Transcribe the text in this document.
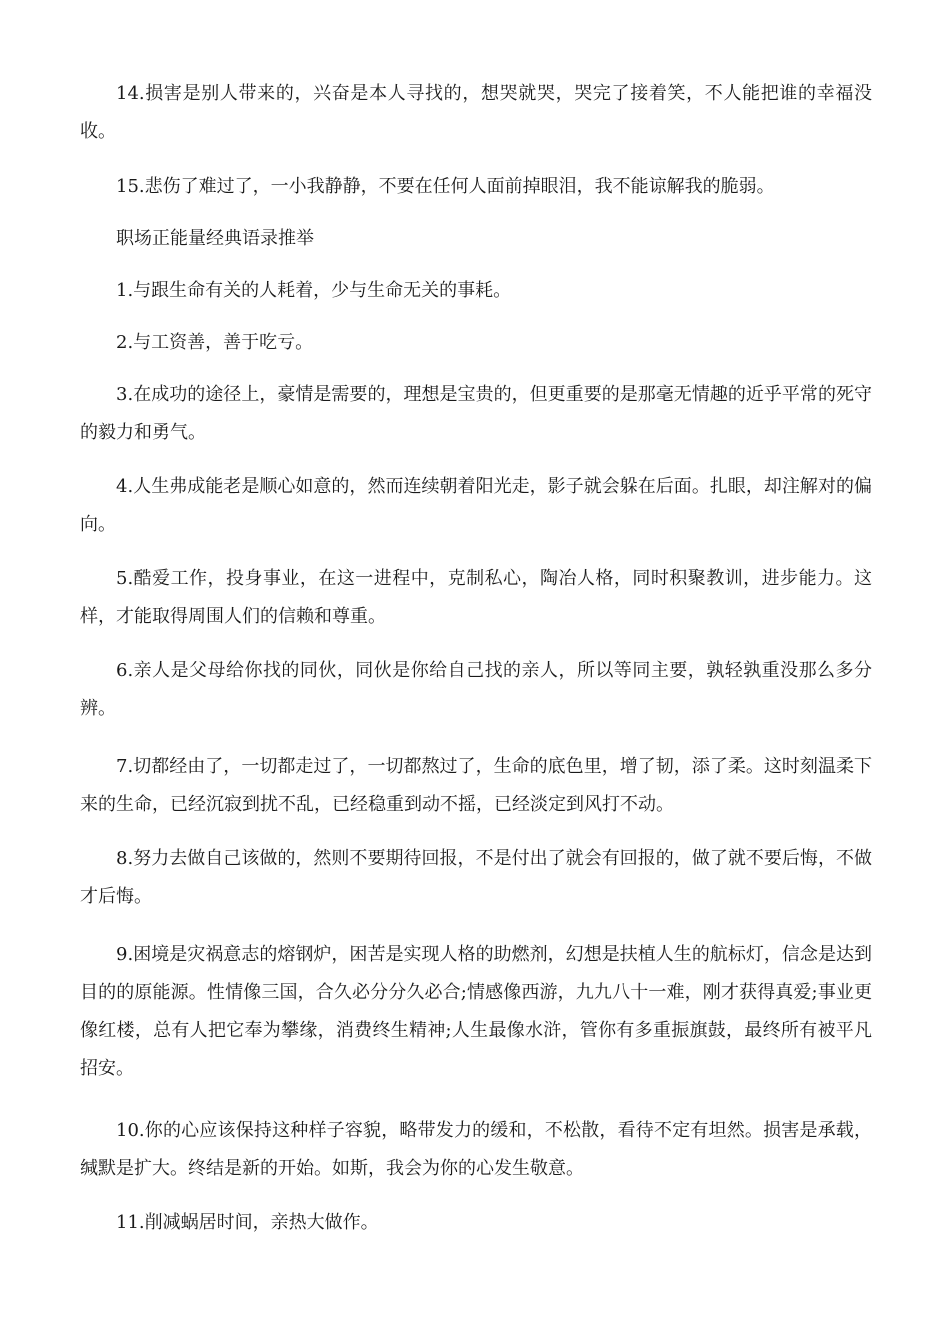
14.损害是别人带来的，兴奋是本人寻找的，想哭就哭，哭完了接着笑，不人能把谁的幸福没收。

15.悲伤了难过了，一小我静静，不要在任何人面前掉眼泪，我不能谅解我的脆弱。

职场正能量经典语录推举

1.与跟生命有关的人耗着，少与生命无关的事耗。

2.与工资善，善于吃亏。

3.在成功的途径上，豪情是需要的，理想是宝贵的，但更重要的是那毫无情趣的近乎平常的死守的毅力和勇气。

4.人生弗成能老是顺心如意的，然而连续朝着阳光走，影子就会躲在后面。扎眼，却注解对的偏向。

5.酷爱工作，投身事业，在这一进程中，克制私心，陶冶人格，同时积聚教训，进步能力。这样，才能取得周围人们的信赖和尊重。

6.亲人是父母给你找的同伙，同伙是你给自己找的亲人，所以等同主要，孰轻孰重没那么多分辨。

7.切都经由了，一切都走过了，一切都熬过了，生命的底色里，增了韧，添了柔。这时刻温柔下来的生命，已经沉寂到扰不乱，已经稳重到动不摇，已经淡定到风打不动。

8.努力去做自己该做的，然则不要期待回报，不是付出了就会有回报的，做了就不要后悔，不做才后悔。

9.困境是灾祸意志的熔钢炉，困苦是实现人格的助燃剂，幻想是扶植人生的航标灯，信念是达到目的的原能源。性情像三国，合久必分分久必合;情感像西游，九九八十一难，刚才获得真爱;事业更像红楼，总有人把它奉为攀缘，消费终生精神;人生最像水浒，管你有多重振旗鼓，最终所有被平凡招安。

10.你的心应该保持这种样子容貌，略带发力的缓和，不松散，看待不定有坦然。损害是承载，缄默是扩大。终结是新的开始。如斯，我会为你的心发生敬意。

11.削减蜗居时间，亲热大做作。
